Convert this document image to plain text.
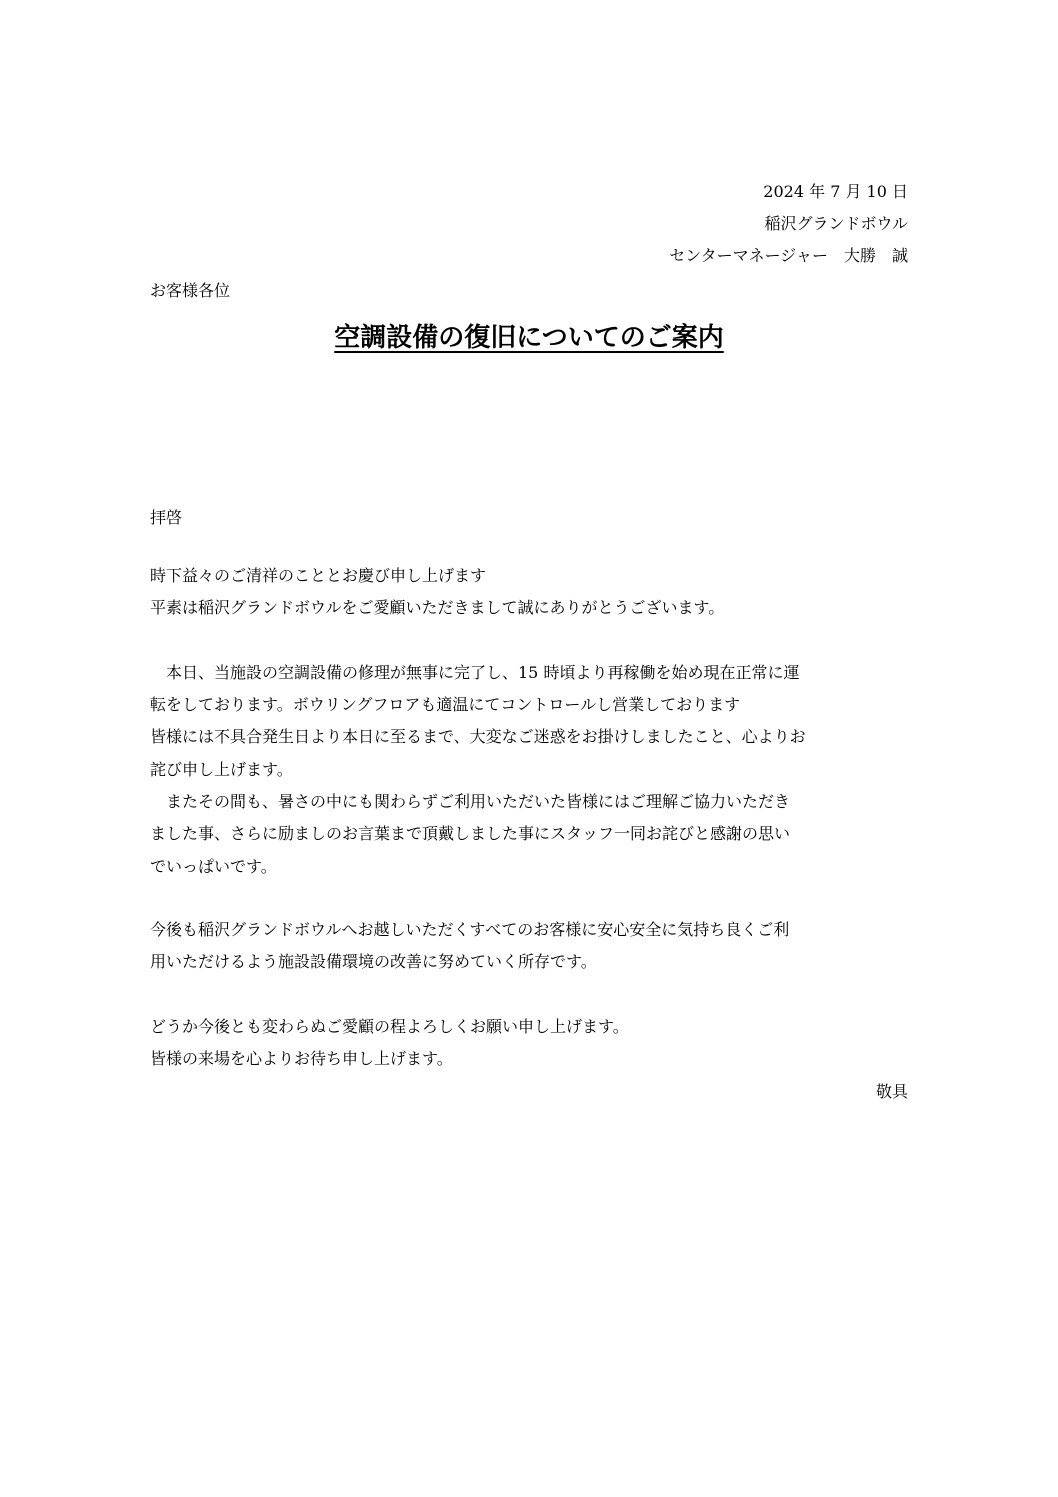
2024 年 7 月 10 日
稲沢グランドボウル
センターマネージャー　大勝　誠
お客様各位
空調設備の復旧についてのご案内
拝啓
時下益々のご清祥のこととお慶び申し上げます
平素は稲沢グランドボウルをご愛顧いただきまして誠にありがとうございます。
　本日、当施設の空調設備の修理が無事に完了し、15 時頃より再稼働を始め現在正常に運
転をしております。ボウリングフロアも適温にてコントロールし営業しております
皆様には不具合発生日より本日に至るまで、大変なご迷惑をお掛けしましたこと、心よりお
詫び申し上げます。
　またその間も、暑さの中にも関わらずご利用いただいた皆様にはご理解ご協力いただき
ました事、さらに励ましのお言葉まで頂戴しました事にスタッフ一同お詫びと感謝の思い
でいっぱいです。
今後も稲沢グランドボウルへお越しいただくすべてのお客様に安心安全に気持ち良くご利
用いただけるよう施設設備環境の改善に努めていく所存です。
どうか今後とも変わらぬご愛顧の程よろしくお願い申し上げます。
皆様の来場を心よりお待ち申し上げます。
敬具
